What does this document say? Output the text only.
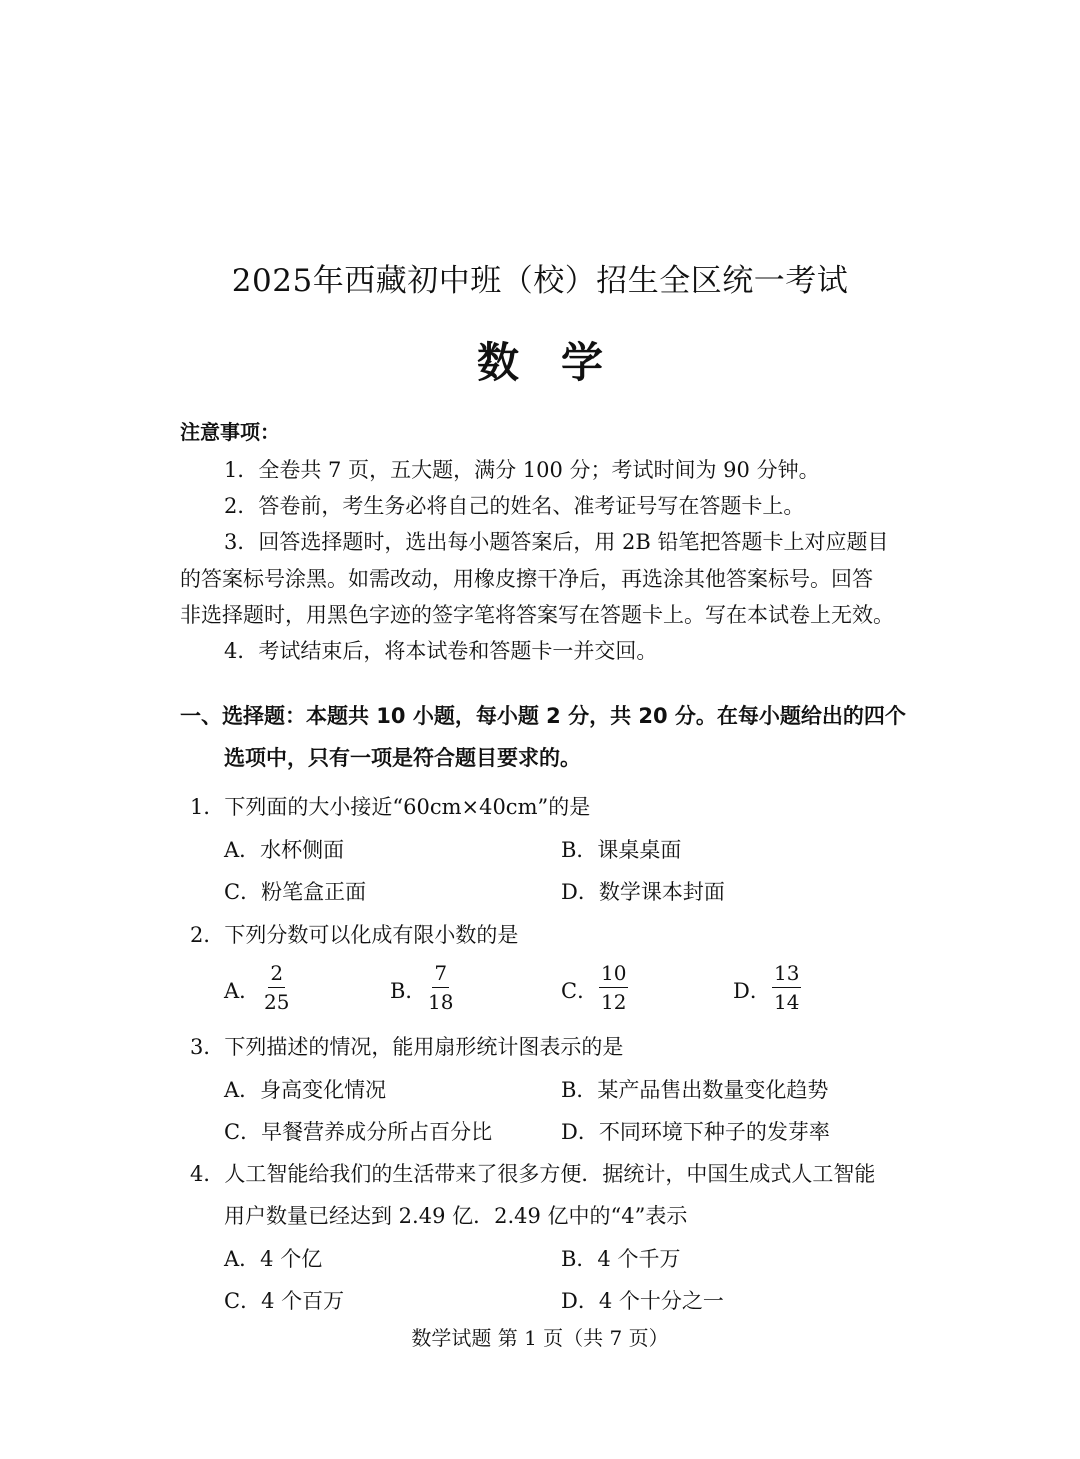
2025年西藏初中班（校）招生全区统一考试
数学
注意事项：
1．全卷共 7 页，五大题，满分 100 分；考试时间为 90 分钟。
2．答卷前，考生务必将自己的姓名、准考证号写在答题卡上。
3．回答选择题时，选出每小题答案后，用 2B 铅笔把答题卡上对应题目
的答案标号涂黑。如需改动，用橡皮擦干净后，再选涂其他答案标号。回答
非选择题时，用黑色字迹的签字笔将答案写在答题卡上。写在本试卷上无效。
4．考试结束后，将本试卷和答题卡一并交回。
一、选择题：本题共 10 小题，每小题 2 分，共 20 分。在每小题给出的四个
选项中，只有一项是符合题目要求的。
1．下列面的大小接近“60cm×40cm”的是
A．水杯侧面	B．课桌桌面
C．粉笔盒正面	D．数学课本封面
2．下列分数可以化成有限小数的是
A． $\frac{2}{25}$	B． $\frac{7}{18}$	C． $\frac{10}{12}$	D． $\frac{13}{14}$
3．下列描述的情况，能用扇形统计图表示的是
A．身高变化情况	B．某产品售出数量变化趋势
C．早餐营养成分所占百分比	D．不同环境下种子的发芽率
4．人工智能给我们的生活带来了很多方便．据统计，中国生成式人工智能
用户数量已经达到 2.49 亿．2.49 亿中的“4”表示
A．4 个亿	B．4 个千万
C．4 个百万	D．4 个十分之一
数学试题 第 1 页（共 7 页）
